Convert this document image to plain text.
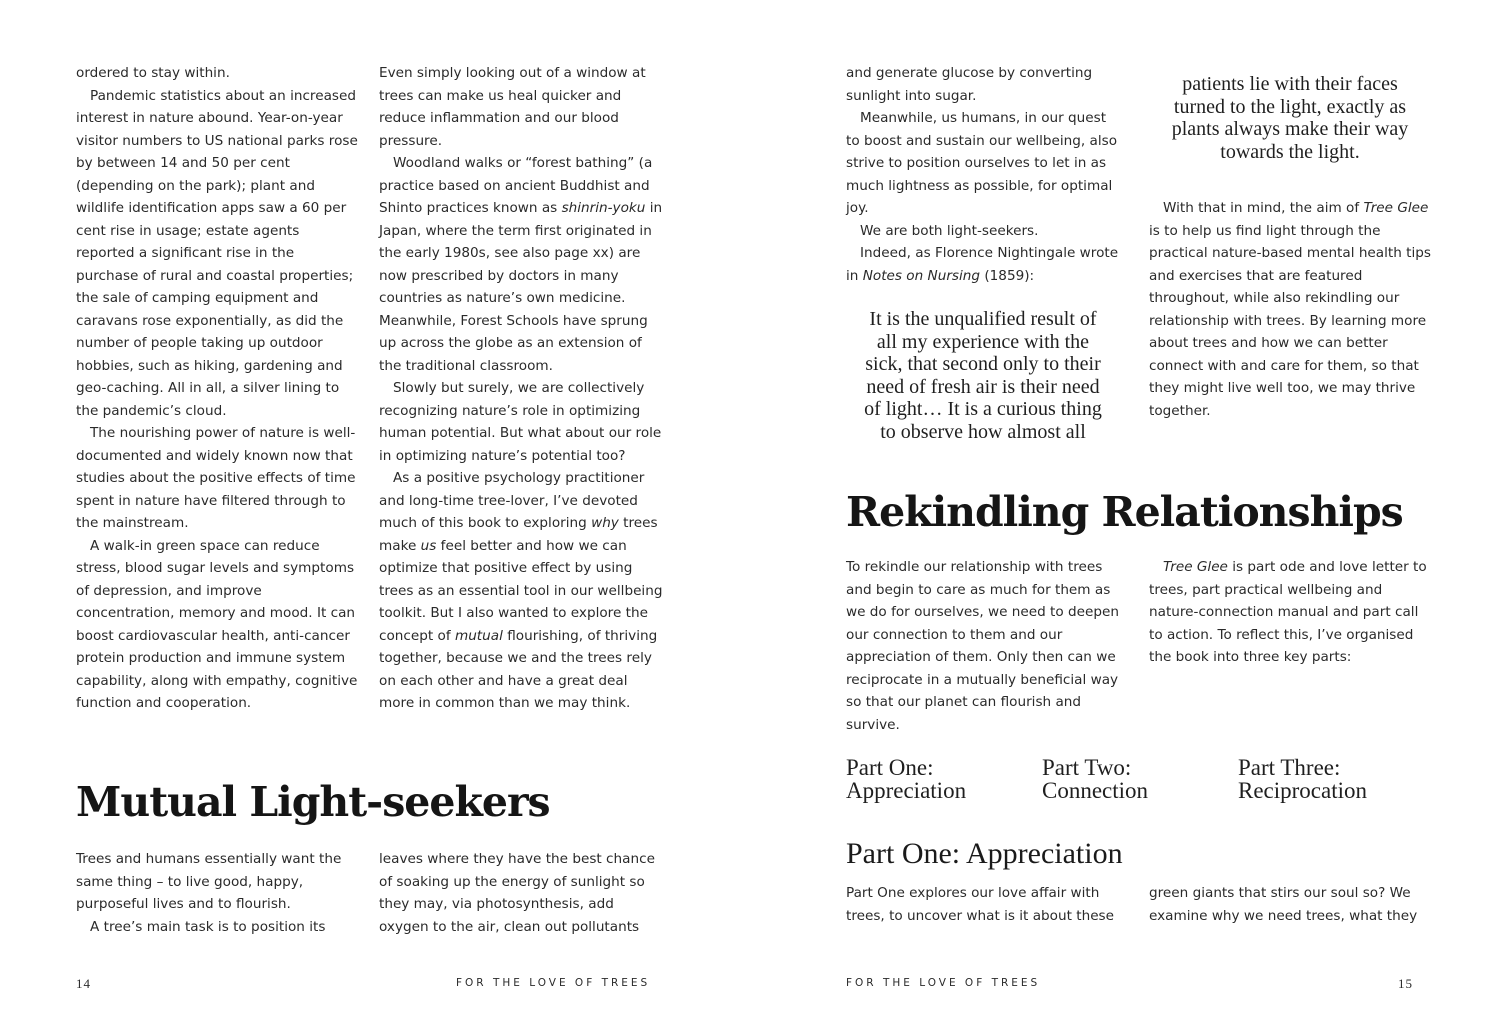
ordered to stay within.

Pandemic statistics about an increased interest in nature abound. Year-on-year visitor numbers to US national parks rose by between 14 and 50 per cent (depending on the park); plant and wildlife identification apps saw a 60 per cent rise in usage; estate agents reported a significant rise in the purchase of rural and coastal properties; the sale of camping equipment and caravans rose exponentially, as did the number of people taking up outdoor hobbies, such as hiking, gardening and geo-caching. All in all, a silver lining to the pandemic’s cloud.

The nourishing power of nature is well-documented and widely known now that studies about the positive effects of time spent in nature have filtered through to the mainstream.

A walk-in green space can reduce stress, blood sugar levels and symptoms of depression, and improve concentration, memory and mood. It can boost cardiovascular health, anti-cancer protein production and immune system capability, along with empathy, cognitive function and cooperation.

Even simply looking out of a window at trees can make us heal quicker and reduce inflammation and our blood pressure.

Woodland walks or “forest bathing” (a practice based on ancient Buddhist and Shinto practices known as shinrin-yoku in Japan, where the term first originated in the early 1980s, see also page xx) are now prescribed by doctors in many countries as nature’s own medicine. Meanwhile, Forest Schools have sprung up across the globe as an extension of the traditional classroom.

Slowly but surely, we are collectively recognizing nature’s role in optimizing human potential. But what about our role in optimizing nature’s potential too?

As a positive psychology practitioner and long-time tree-lover, I’ve devoted much of this book to exploring why trees make us feel better and how we can optimize that positive effect by using trees as an essential tool in our wellbeing toolkit. But I also wanted to explore the concept of mutual flourishing, of thriving together, because we and the trees rely on each other and have a great deal more in common than we may think.

Mutual Light-seekers

Trees and humans essentially want the same thing – to live good, happy, purposeful lives and to flourish.

A tree’s main task is to position its

leaves where they have the best chance of soaking up the energy of sunlight so they may, via photosynthesis, add oxygen to the air, clean out pollutants

14	FOR THE LOVE OF TREES

and generate glucose by converting sunlight into sugar.

Meanwhile, us humans, in our quest to boost and sustain our wellbeing, also strive to position ourselves to let in as much lightness as possible, for optimal joy.

We are both light-seekers.

Indeed, as Florence Nightingale wrote in Notes on Nursing (1859):

It is the unqualified result of all my experience with the sick, that second only to their need of fresh air is their need of light… It is a curious thing to observe how almost all
patients lie with their faces turned to the light, exactly as plants always make their way towards the light.

With that in mind, the aim of Tree Glee is to help us find light through the practical nature-based mental health tips and exercises that are featured throughout, while also rekindling our relationship with trees. By learning more about trees and how we can better connect with and care for them, so that they might live well too, we may thrive together.

Rekindling Relationships

To rekindle our relationship with trees and begin to care as much for them as we do for ourselves, we need to deepen our connection to them and our appreciation of them. Only then can we reciprocate in a mutually beneficial way so that our planet can flourish and survive.

Tree Glee is part ode and love letter to trees, part practical wellbeing and nature-connection manual and part call to action. To reflect this, I’ve organised the book into three key parts:

Part One:
Appreciation
Part Two:
Connection
Part Three:
Reciprocation
Part One: Appreciation

Part One explores our love affair with trees, to uncover what is it about these

green giants that stirs our soul so? We examine why we need trees, what they

FOR THE LOVE OF TREES	15
